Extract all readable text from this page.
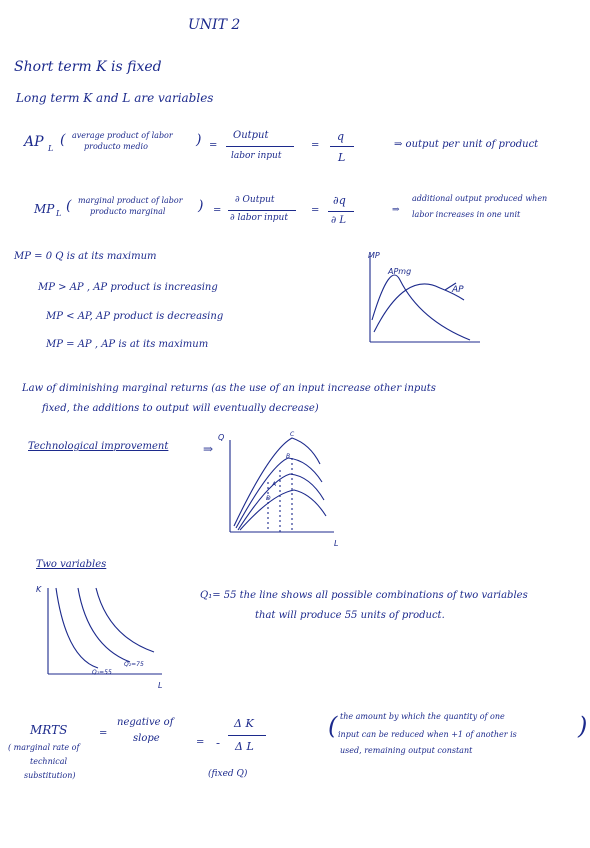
UNIT 2
Short term K is fixed
Long term K and L are variables
AP L
( average product of labor
producto medio	) =
Output
labor input
=
q
L
⇒ output per unit of product
MP L ( marginal product of labor
producto marginal ) =
∂ Output
∂ labor input
=
∂q
∂ L
⇒
additional output produced when
labor increases in one unit
MP = 0 Q is at its maximum
MP > AP , AP product is increasing
MP < AP, AP product is decreasing
MP = AP , AP is at its maximum
MP
APmg
AP
Law of diminishing marginal returns (as the use of an input increase other inputs
fixed, the additions to output will eventually decrease)
Technological improvement	⇒
Q
L
C
B
A
D
Two variables
K
L
Q₂=75
Q₁=55
Q₁= 55 the line shows all possible combinations of two variables
that will produce 55 units of product.
MRTS
( marginal rate of
technical
substitution)
=
negative of
slope	= -
Δ K
Δ L
(fixed Q)
( the amount by which the quantity of one
input can be reduced when +1 of another is
used, remaining output constant
)
